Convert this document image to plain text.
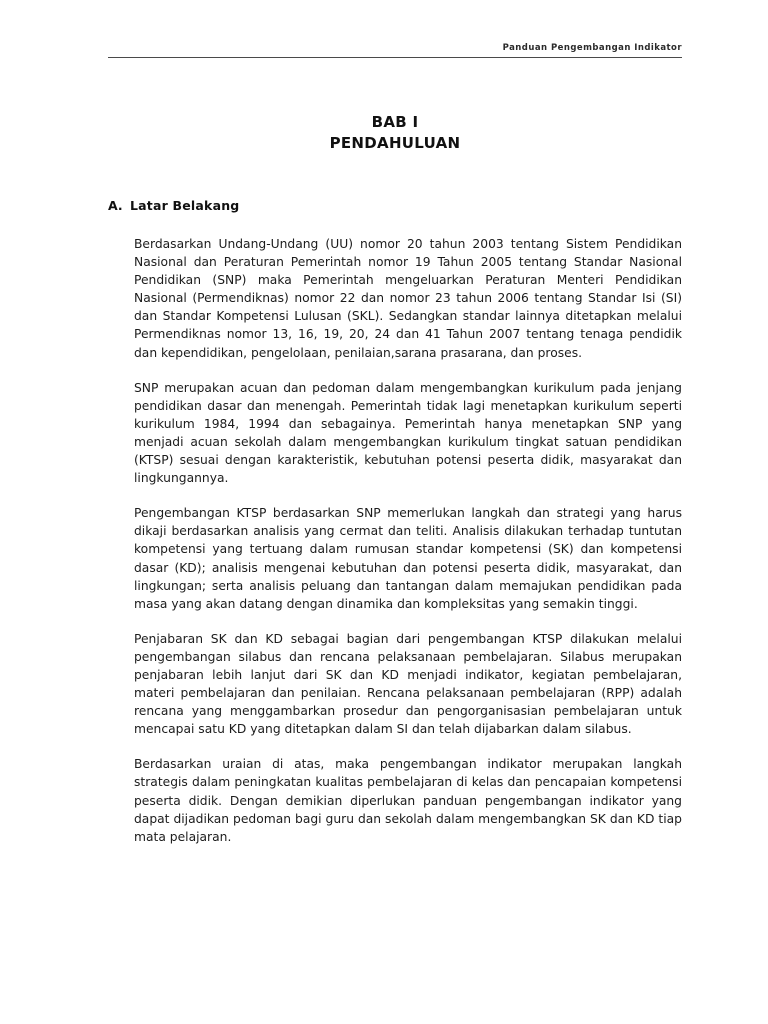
Panduan Pengembangan Indikator
BAB I
PENDAHULUAN
A. Latar Belakang

Berdasarkan Undang-Undang (UU) nomor 20 tahun 2003 tentang Sistem Pendidikan Nasional dan Peraturan Pemerintah nomor 19 Tahun 2005 tentang Standar Nasional Pendidikan (SNP) maka Pemerintah mengeluarkan Peraturan Menteri Pendidikan Nasional (Permendiknas) nomor 22 dan nomor 23 tahun 2006 tentang Standar Isi (SI) dan Standar Kompetensi Lulusan (SKL). Sedangkan standar lainnya ditetapkan melalui Permendiknas nomor 13, 16, 19, 20, 24 dan 41 Tahun 2007 tentang tenaga pendidik dan kependidikan, pengelolaan, penilaian,sarana prasarana, dan proses.

SNP merupakan acuan dan pedoman dalam mengembangkan kurikulum pada jenjang pendidikan dasar dan menengah. Pemerintah tidak lagi menetapkan kurikulum seperti kurikulum 1984, 1994 dan sebagainya. Pemerintah hanya menetapkan SNP yang menjadi acuan sekolah dalam mengembangkan kurikulum tingkat satuan pendidikan (KTSP) sesuai dengan karakteristik, kebutuhan potensi peserta didik, masyarakat dan lingkungannya.

Pengembangan KTSP berdasarkan SNP memerlukan langkah dan strategi yang harus dikaji berdasarkan analisis yang cermat dan teliti. Analisis dilakukan terhadap tuntutan kompetensi yang tertuang dalam rumusan standar kompetensi (SK) dan kompetensi dasar (KD); analisis mengenai kebutuhan dan potensi peserta didik, masyarakat, dan lingkungan; serta analisis peluang dan tantangan dalam memajukan pendidikan pada masa yang akan datang dengan dinamika dan kompleksitas yang semakin tinggi.

Penjabaran SK dan KD sebagai bagian dari pengembangan KTSP dilakukan melalui pengembangan silabus dan rencana pelaksanaan pembelajaran. Silabus merupakan penjabaran lebih lanjut dari SK dan KD menjadi indikator, kegiatan pembelajaran, materi pembelajaran dan penilaian. Rencana pelaksanaan pembelajaran (RPP) adalah rencana yang menggambarkan prosedur dan pengorganisasian pembelajaran untuk mencapai satu KD yang ditetapkan dalam SI dan telah dijabarkan dalam silabus.

Berdasarkan uraian di atas, maka pengembangan indikator merupakan langkah strategis dalam peningkatan kualitas pembelajaran di kelas dan pencapaian kompetensi peserta didik. Dengan demikian diperlukan panduan pengembangan indikator yang dapat dijadikan pedoman bagi guru dan sekolah dalam mengembangkan SK dan KD tiap mata pelajaran.
